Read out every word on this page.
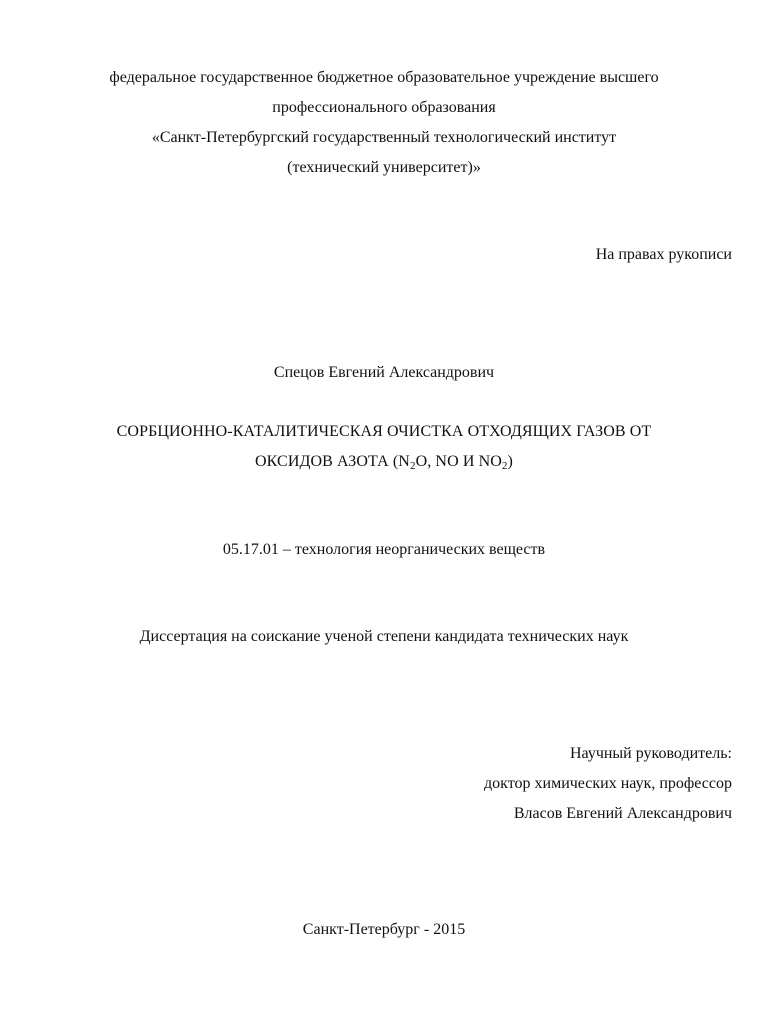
федеральное государственное бюджетное образовательное учреждение высшего
профессионального образования
«Санкт-Петербургский государственный технологический институт
(технический университет)»
На правах рукописи
Спецов Евгений Александрович
СОРБЦИОННО-КАТАЛИТИЧЕСКАЯ ОЧИСТКА ОТХОДЯЩИХ ГАЗОВ ОТ
ОКСИДОВ АЗОТА (N2O, NO И NO2)
05.17.01 – технология неорганических веществ
Диссертация на соискание ученой степени кандидата технических наук
Научный руководитель:
доктор химических наук, профессор
Власов Евгений Александрович
Санкт-Петербург - 2015
